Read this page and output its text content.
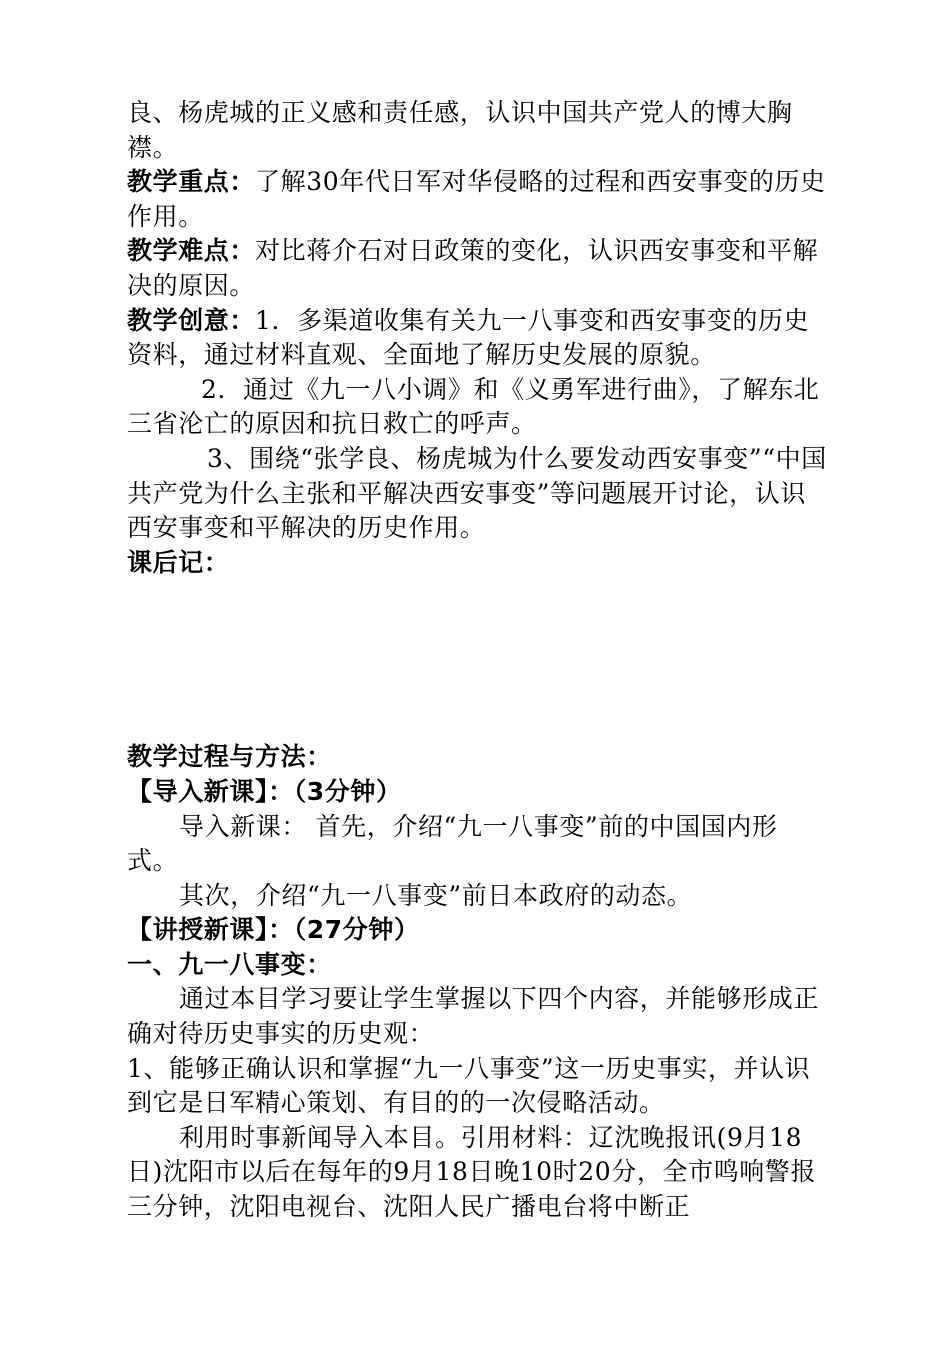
良、杨虎城的正义感和责任感，认识中国共产党人的博大胸襟。

教学重点：了解30年代日军对华侵略的过程和西安事变的历史作用。

教学难点：对比蒋介石对日政策的变化，认识西安事变和平解决的原因。

教学创意：1．多渠道收集有关九一八事变和西安事变的历史资料，通过材料直观、全面地了解历史发展的原貌。

2．通过《九一八小调》和《义勇军进行曲》，了解东北三省沦亡的原因和抗日救亡的呼声。

3、围绕“张学良、杨虎城为什么要发动西安事变”“中国共产党为什么主张和平解决西安事变”等问题展开讨论，认识西安事变和平解决的历史作用。

课后记：

教学过程与方法：

【导入新课】：（3分钟）

导入新课： 首先，介绍“九一八事变”前的中国国内形式。

其次，介绍“九一八事变”前日本政府的动态。

【讲授新课】：（27分钟）

一、九一八事变：

通过本目学习要让学生掌握以下四个内容，并能够形成正确对待历史事实的历史观：

1、能够正确认识和掌握“九一八事变”这一历史事实，并认识到它是日军精心策划、有目的的一次侵略活动。

利用时事新闻导入本目。引用材料：辽沈晚报讯(9月18日)沈阳市以后在每年的9月18日晚10时20分，全市鸣响警报三分钟，沈阳电视台、沈阳人民广播电台将中断正
